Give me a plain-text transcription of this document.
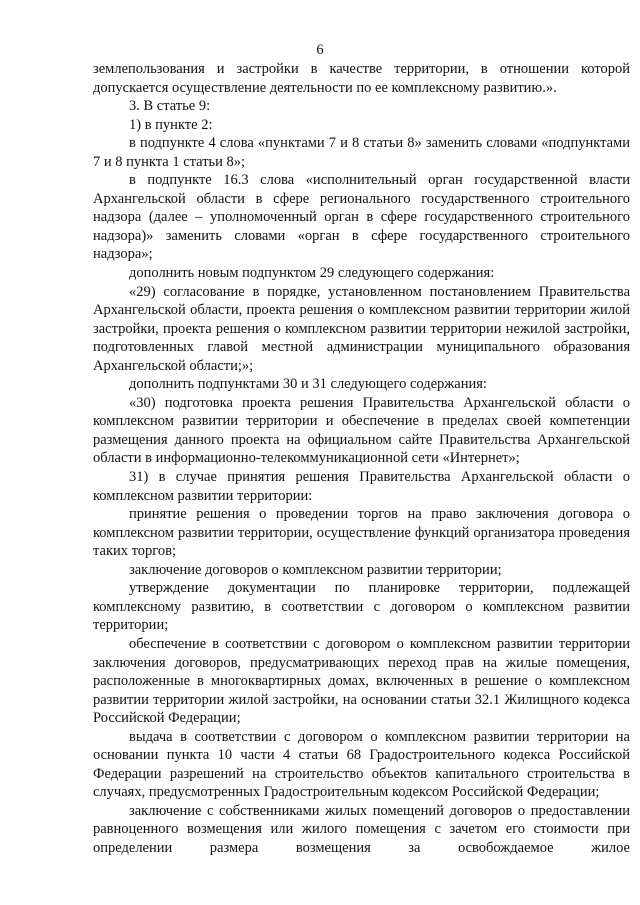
6

землепользования и застройки в качестве территории, в отношении которой допускается осуществление деятельности по ее комплексному развитию.».

3. В статье 9:

1) в пункте 2:

в подпункте 4 слова «пунктами 7 и 8 статьи 8» заменить словами «подпунктами 7 и 8 пункта 1 статьи 8»;

в подпункте 16.3 слова «исполнительный орган государственной власти Архангельской области в сфере регионального государственного строительного надзора (далее – уполномоченный орган в сфере государственного строительного надзора)» заменить словами «орган в сфере государственного строительного надзора»;

дополнить новым подпунктом 29 следующего содержания:

«29) согласование в порядке, установленном постановлением Правительства Архангельской области, проекта решения о комплексном развитии территории жилой застройки, проекта решения о комплексном развитии территории нежилой застройки, подготовленных главой местной администрации муниципального образования Архангельской области;»;

дополнить подпунктами 30 и 31 следующего содержания:

«30) подготовка проекта решения Правительства Архангельской области о комплексном развитии территории и обеспечение в пределах своей компетенции размещения данного проекта на официальном сайте Правительства Архангельской области в информационно-телекоммуникационной сети «Интернет»;

31) в случае принятия решения Правительства Архангельской области о комплексном развитии территории:

принятие решения о проведении торгов на право заключения договора о комплексном развитии территории, осуществление функций организатора проведения таких торгов;

заключение договоров о комплексном развитии территории;

утверждение документации по планировке территории, подлежащей комплексному развитию, в соответствии с договором о комплексном развитии территории;

обеспечение в соответствии с договором о комплексном развитии территории заключения договоров, предусматривающих переход прав на жилые помещения, расположенные в многоквартирных домах, включенных в решение о комплексном развитии территории жилой застройки, на основании статьи 32.1 Жилищного кодекса Российской Федерации;

выдача в соответствии с договором о комплексном развитии территории на основании пункта 10 части 4 статьи 68 Градостроительного кодекса Российской Федерации разрешений на строительство объектов капитального строительства в случаях, предусмотренных Градостроительным кодексом Российской Федерации;

заключение с собственниками жилых помещений договоров о предоставлении равноценного возмещения или жилого помещения с зачетом его стоимости при определении размера возмещения за освобождаемое жилое
